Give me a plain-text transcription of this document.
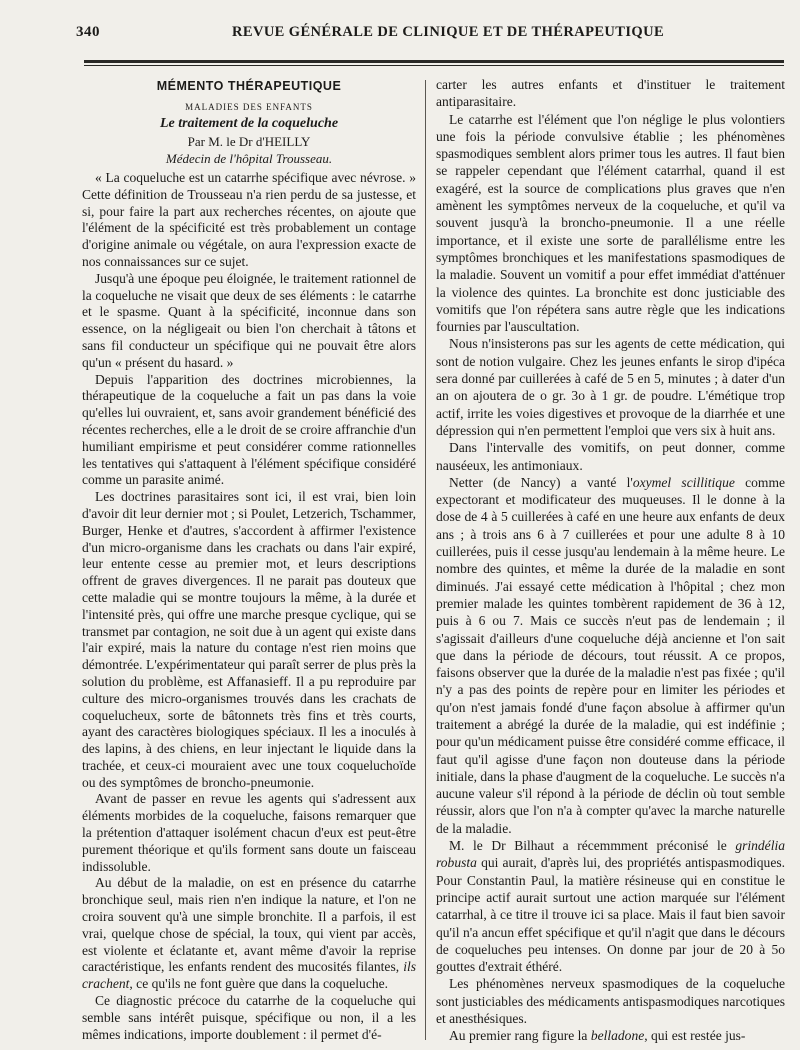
340	REVUE GÉNÉRALE DE CLINIQUE ET DE THÉRAPEUTIQUE
MÉMENTO THÉRAPEUTIQUE
MALADIES DES ENFANTS
Le traitement de la coqueluche
Par M. le Dr d'HEILLY
Médecin de l'hôpital Trousseau.

« La coqueluche est un catarrhe spécifique avec névrose. » Cette définition de Trousseau n'a rien perdu de sa justesse, et si, pour faire la part aux recherches récentes, on ajoute que l'élément de la spécificité est très probablement un contage d'origine animale ou végétale, on aura l'expression exacte de nos connaissances sur ce sujet.

Jusqu'à une époque peu éloignée, le traitement rationnel de la coqueluche ne visait que deux de ses éléments : le catarrhe et le spasme. Quant à la spécificité, inconnue dans son essence, on la négligeait ou bien l'on cherchait à tâtons et sans fil conducteur un spécifique qui ne pouvait être alors qu'un « présent du hasard. »

Depuis l'apparition des doctrines microbiennes, la thérapeutique de la coqueluche a fait un pas dans la voie qu'elles lui ouvraient, et, sans avoir grandement bénéficié des récentes recherches, elle a le droit de se croire affranchie d'un humiliant empirisme et peut considérer comme rationnelles les tentatives qui s'attaquent à l'élément spécifique considéré comme un parasite animé.

Les doctrines parasitaires sont ici, il est vrai, bien loin d'avoir dit leur dernier mot ; si Poulet, Letzerich, Tschammer, Burger, Henke et d'autres, s'accordent à affirmer l'existence d'un micro-organisme dans les crachats ou dans l'air expiré, leur entente cesse au premier mot, et leurs descriptions offrent de graves divergences. Il ne parait pas douteux que cette maladie qui se montre toujours la même, à la durée et l'intensité près, qui offre une marche presque cyclique, qui se transmet par contagion, ne soit due à un agent qui existe dans l'air expiré, mais la nature du contage n'est rien moins que démontrée. L'expérimentateur qui paraît serrer de plus près la solution du problème, est Affanasieff. Il a pu reproduire par culture des micro-organismes trouvés dans les crachats de coquelucheux, sorte de bâtonnets très fins et très courts, ayant des caractères biologiques spéciaux. Il les a inoculés à des lapins, à des chiens, en leur injectant le liquide dans la trachée, et ceux-ci mouraient avec une toux coqueluchoïde ou des symptômes de broncho-pneumonie.

Avant de passer en revue les agents qui s'adressent aux éléments morbides de la coqueluche, faisons remarquer que la prétention d'attaquer isolément chacun d'eux est peut-être purement théorique et qu'ils forment sans doute un faisceau indissoluble.

Au début de la maladie, on est en présence du catarrhe bronchique seul, mais rien n'en indique la nature, et l'on ne croira souvent qu'à une simple bronchite. Il a parfois, il est vrai, quelque chose de spécial, la toux, qui vient par accès, est violente et éclatante et, avant même d'avoir la reprise caractéristique, les enfants rendent des mucosités filantes, ils crachent, ce qu'ils ne font guère que dans la coqueluche.

Ce diagnostic précoce du catarrhe de la coqueluche qui semble sans intérêt puisque, spécifique ou non, il a les mêmes indications, importe doublement : il permet d'é-

carter les autres enfants et d'instituer le traitement antiparasitaire.

Le catarrhe est l'élément que l'on néglige le plus volontiers une fois la période convulsive établie ; les phénomènes spasmodiques semblent alors primer tous les autres. Il faut bien se rappeler cependant que l'élément catarrhal, quand il est exagéré, est la source de complications plus graves que n'en amènent les symptômes nerveux de la coqueluche, et qu'il va souvent jusqu'à la broncho-pneumonie. Il a une réelle importance, et il existe une sorte de parallélisme entre les symptômes bronchiques et les manifestations spasmodiques de la maladie. Souvent un vomitif a pour effet immédiat d'atténuer la violence des quintes. La bronchite est donc justiciable des vomitifs que l'on répétera sans autre règle que les indications fournies par l'auscultation.

Nous n'insisterons pas sur les agents de cette médication, qui sont de notion vulgaire. Chez les jeunes enfants le sirop d'ipéca sera donné par cuillerées à café de 5 en 5, minutes ; à dater d'un an on ajoutera de o gr. 3o à 1 gr. de poudre. L'émétique trop actif, irrite les voies digestives et provoque de la diarrhée et une dépression qui n'en permettent l'emploi que vers six à huit ans.

Dans l'intervalle des vomitifs, on peut donner, comme nauséeux, les antimoniaux.

Netter (de Nancy) a vanté l'oxymel scillitique comme expectorant et modificateur des muqueuses. Il le donne à la dose de 4 à 5 cuillerées à café en une heure aux enfants de deux ans ; à trois ans 6 à 7 cuillerées et pour une adulte 8 à 10 cuillerées, puis il cesse jusqu'au lendemain à la même heure. Le nombre des quintes, et même la durée de la maladie en sont diminués. J'ai essayé cette médication à l'hôpital ; chez mon premier malade les quintes tombèrent rapidement de 36 à 12, puis à 6 ou 7. Mais ce succès n'eut pas de lendemain ; il s'agissait d'ailleurs d'une coqueluche déjà ancienne et l'on sait que dans la période de décours, tout réussit. A ce propos, faisons observer que la durée de la maladie n'est pas fixée ; qu'il n'y a pas des points de repère pour en limiter les périodes et qu'on n'est jamais fondé d'une façon absolue à affirmer qu'un traitement a abrégé la durée de la maladie, qui est indéfinie ; pour qu'un médicament puisse être considéré comme efficace, il faut qu'il agisse d'une façon non douteuse dans la période initiale, dans la phase d'augment de la coqueluche. Le succès n'a aucune valeur s'il répond à la période de déclin où tout semble réussir, alors que l'on n'a à compter qu'avec la marche naturelle de la maladie.

M. le Dr Bilhaut a récemmment préconisé le grindélia robusta qui aurait, d'après lui, des propriétés antispasmodiques. Pour Constantin Paul, la matière résineuse qui en constitue le principe actif aurait surtout une action marquée sur l'élément catarrhal, à ce titre il trouve ici sa place. Mais il faut bien savoir qu'il n'a ancun effet spécifique et qu'il n'agit que dans le décours de coqueluches peu intenses. On donne par jour de 20 à 5o gouttes d'extrait éthéré.

Les phénomènes nerveux spasmodiques de la coqueluche sont justiciables des médicaments antispasmodiques narcotiques et anesthésiques.

Au premier rang figure la belladone, qui est restée jus-
